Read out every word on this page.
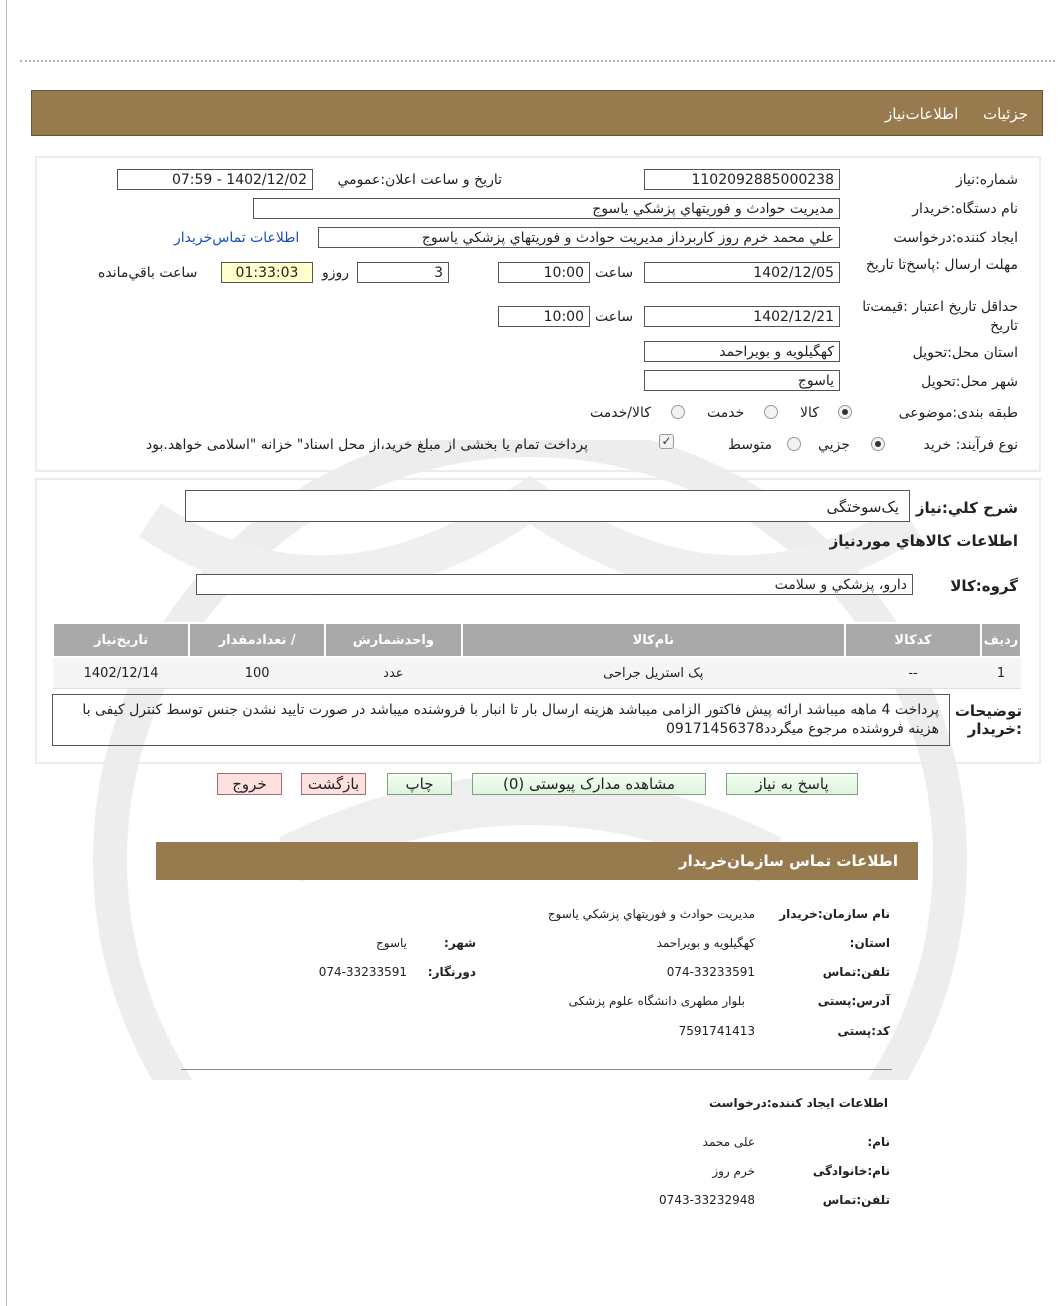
جزئيات اطلاعات‌نياز
شماره:نياز
1102092885000238
تاريخ و ساعت اعلان:عمومي
1402/12/02 - 07:59
نام دستگاه:خريدار
مديريت حوادث و فوريتهاي پزشكي ياسوج
ايجاد کننده:درخواست
علي محمد خرم روز كاربرداز مديريت حوادث و فوريتهاي پزشكي ياسوج
اطلاعات تماس‌خريدار
مهلت ارسال :پاسخ‌تا تاريخ
1402/12/05
ساعت
10:00
3
روزو
01:33:03
ساعت باقي‌مانده
حداقل تاريخ اعتبار :قيمت‌تا تاريخ
1402/12/21
ساعت
10:00
استان محل:تحويل
كهگيلويه و بويراحمد
شهر محل:تحويل
ياسوج
طبقه بندی:موضوعی
كالا
خدمت
كالا/خدمت
نوع فرآيند: خريد
جزيي
متوسط
✓
پرداخت تمام يا بخشی از مبلغ خريد،از محل اسناد" خزانه "اسلامی خواهد.بود
شرح كلي:نياز
يک‌سوختگی
اطلاعات كالاهاي موردنياز
گروه:كالا
دارو، پزشكي و سلامت
رديف	كدكالا	نام‌كالا	واحدشمارش	/ تعدادمقدار	تاريخ‌نياز
1	--	پک استريل جراحی	عدد	100	1402/12/14
توضيحات :خريدار
پرداخت 4 ماهه ميباشد ارائه پيش فاكتور الزامی ميباشد هزينه ارسال بار تا انبار با فروشنده ميباشد در صورت تاييد نشدن جنس توسط كنترل كيفی با هزينه فروشنده مرجوع ميگردد09171456378
پاسخ به نياز
مشاهده مدارک پيوستی (0)
چاپ
بازگشت
خروج
اطلاعات تماس سازمان‌خريدار
نام سازمان:خريدار
مديريت حوادث و فوريتهاي پزشكي ياسوج
:استان
كهگيلويه و بويراحمد
:شهر
ياسوج
تلفن:تماس
074-33233591
:دورنگار
074-33233591
آدرس:پستی
بلوار مطهری دانشگاه علوم پزشكی
كد:پستی
7591741413
اطلاعات ايجاد كننده:درخواست
:نام
علی محمد
نام:خانوادگی
خرم روز
تلفن:تماس
0743-33232948
